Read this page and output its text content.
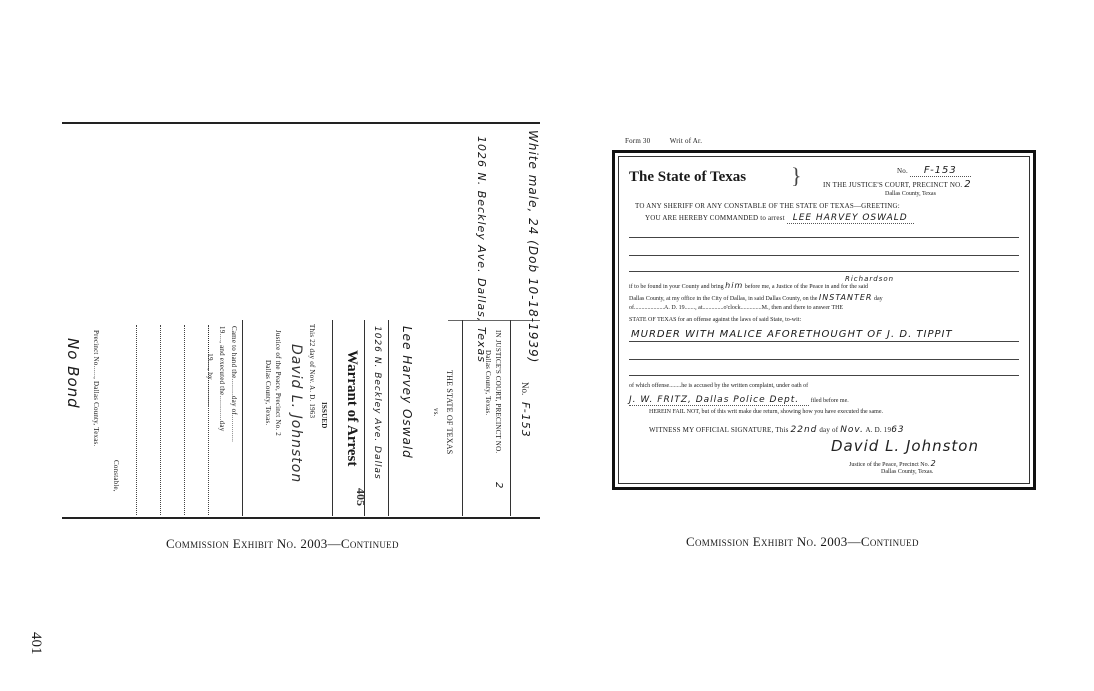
401
White male, 24 (Dob 10-18-1939)
1026 N. Beckley Ave. Dallas, Texas
No.
F-153
IN JUSTICE'S COURT, PRECINCT NO.
2
Dallas County, Texas.
THE STATE OF TEXAS
vs.
Lee Harvey Oswald
1026 N. Beckley Ave. Dallas
Warrant of Arrest
ISSUED
This 22 day of Nov. A. D. 1963
David L. Johnston
Justice of the Peace, Precinct No. 2
Dallas County, Texas.
Came to hand the.........day of..............
19...., and executed the.............day
..............19...., by..............
Constable,
Precinct No......, Dallas County, Texas.
No Bond
405
Commission Exhibit No. 2003—Continued
Form 30	Writ of Ar.
The State of Texas }	No. F-153
IN THE JUSTICE'S COURT, PRECINCT NO. 2
Dallas County, Texas
TO ANY SHERIFF OR ANY CONSTABLE OF THE STATE OF TEXAS—GREETING:
YOU ARE HEREBY COMMANDED to arrest LEE HARVEY OSWALD
Richardson
if to be found in your County and bring him before me, a Justice of the Peace in and for the said
Dallas County, at my office in the City of Dallas, in said Dallas County, on the INSTANTER day
of....................A. D. 19......., at..............o'clock..............M., then and there to answer THE
STATE OF TEXAS for an offense against the laws of said State, to-wit:
MURDER WITH MALICE AFORETHOUGHT OF J. D. TIPPIT
of which offense........he is accused by the written complaint, under oath of
J. W. FRITZ, Dallas Police Dept. filed before me.
HEREIN FAIL NOT, but of this writ make due return, showing how you have executed the same.
WITNESS MY OFFICIAL SIGNATURE, This 22nd day of Nov. A. D. 1963
David L. Johnston
Justice of the Peace, Precinct No. 2
Dallas County, Texas.
Commission Exhibit No. 2003—Continued
